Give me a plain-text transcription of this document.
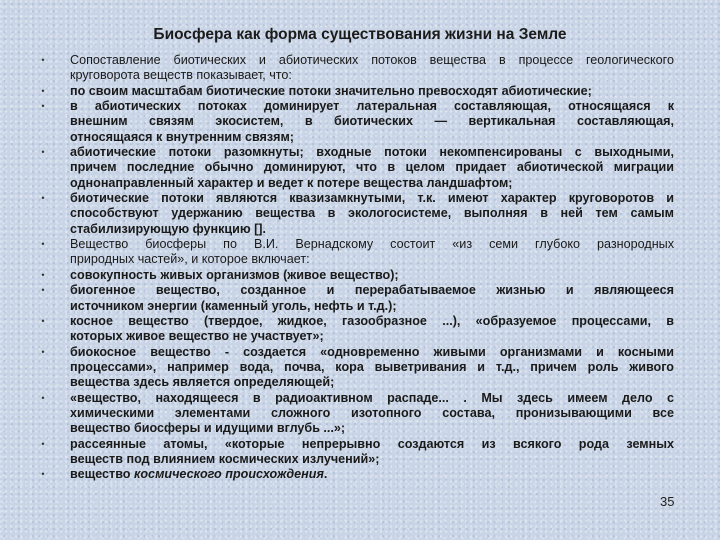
Биосфера как форма существования жизни на Земле
•	Сопоставление биотических и абиотических потоков вещества в процессе геологического
круговорота веществ показывает, что:
•	по своим масштабам биотические потоки значительно превосходят абиотические;
•	в абиотических потоках доминирует латеральная составляющая, относящаяся к
внешним связям экосистем, в биотических — вертикальная составляющая,
относящаяся к внутренним связям;
•	абиотические потоки разомкнуты; входные потоки некомпенсированы с выходными,
причем последние обычно доминируют, что в целом придает абиотической миграции
однонаправленный характер и ведет к потере вещества ландшафтом;
•	биотические потоки являются квазизамкнутыми, т.к. имеют характер круговоротов и
способствуют удержанию вещества в экологосистеме, выполняя в ней тем самым
стабилизирующую функцию [].
•	Вещество биосферы по В.И. Вернадскому состоит «из семи глубоко разнородных
природных частей», и которое включает:
•	совокупность живых организмов (живое вещество);
•	биогенное вещество, созданное и перерабатываемое жизнью и являющееся
источником энергии (каменный уголь, нефть и т.д.);
•	косное вещество (твердое, жидкое, газообразное ...), «образуемое процессами, в
которых живое вещество не участвует»;
•	биокосное вещество - создается «одновременно живыми организмами и косными
процессами», например вода, почва, кора выветривания и т.д., причем роль живого
вещества здесь является определяющей;
•	«вещество, находящееся в радиоактивном распаде... . Мы здесь имеем дело с
химическими элементами сложного изотопного состава, пронизывающими все
вещество биосферы и идущими вглубь ...»;
•	рассеянные атомы, «которые непрерывно создаются из всякого рода земных
веществ под влиянием космических излучений»;
•	вещество космического происхождения.
35
